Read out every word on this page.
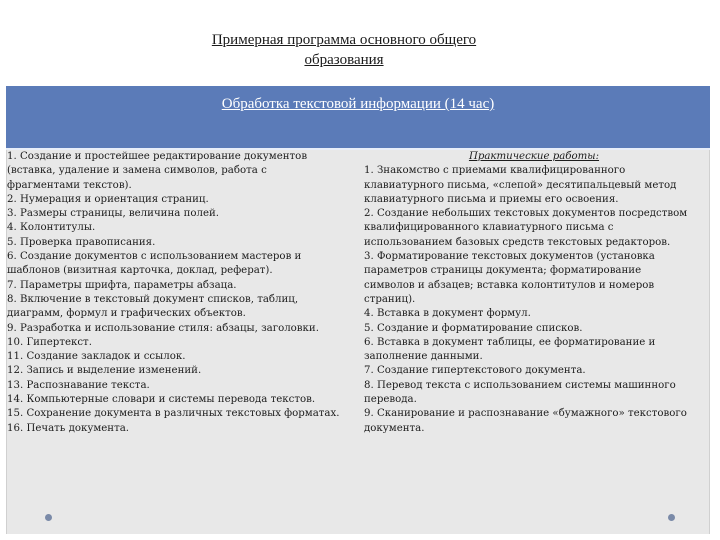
Примерная программа основного общего
образования
Обработка текстовой информации (14 час)
1. Создание и простейшее редактирование документов
(вставка, удаление и замена символов, работа с
фрагментами текстов).
2. Нумерация и ориентация страниц.
3. Размеры страницы, величина полей.
4. Колонтитулы.
5. Проверка правописания.
6. Создание документов с использованием мастеров и
шаблонов (визитная карточка, доклад, реферат).
7. Параметры шрифта, параметры абзаца.
8. Включение в текстовый документ списков, таблиц,
диаграмм, формул и графических объектов.
9. Разработка и использование стиля: абзацы, заголовки.
10. Гипертекст.
11. Создание закладок и ссылок.
12. Запись и выделение изменений.
13. Распознавание текста.
14. Компьютерные словари и системы перевода текстов.
15. Сохранение документа в различных текстовых форматах.
16. Печать документа.
Практические работы:
1. Знакомство с приемами квалифицированного
клавиатурного письма, «слепой» десятипальцевый метод
клавиатурного письма и приемы его освоения.
2. Создание небольших текстовых документов посредством
квалифицированного клавиатурного письма с
использованием базовых средств текстовых редакторов.
3. Форматирование текстовых документов (установка
параметров страницы документа; форматирование
символов и абзацев; вставка колонтитулов и номеров
страниц).
4. Вставка в документ формул.
5. Создание и форматирование списков.
6. Вставка в документ таблицы, ее форматирование и
заполнение данными.
7. Создание гипертекстового документа.
8. Перевод текста с использованием системы машинного
перевода.
9. Сканирование и распознавание «бумажного» текстового
документа.
